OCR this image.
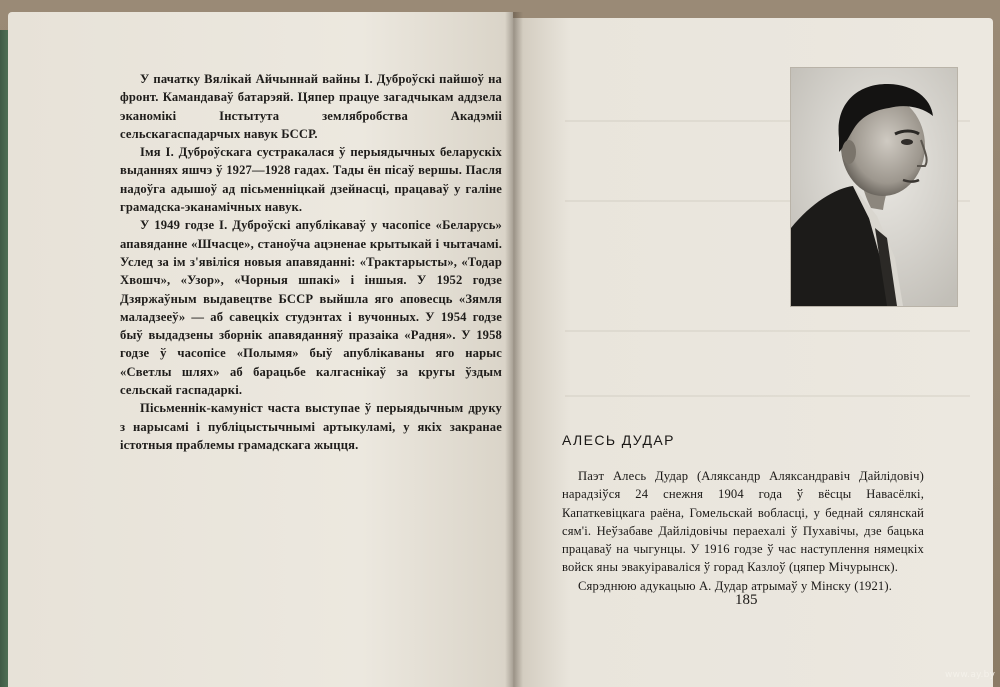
У пачатку Вялікай Айчыннай вайны І. Дуброўскі пайшоў на фронт. Камандаваў батарэяй. Цяпер працуе загадчыкам аддзела эканомікі Інстытута землябробства Акадэміі сельскагаспадарчых навук БССР.

Імя І. Дуброўскага сустракалася ў перыядычных беларускіх выданнях яшчэ ў 1927—1928 гадах. Тады ён пісаў вершы. Пасля надоўга адышоў ад пісьменніцкай дзейнасці, працаваў у галіне грамадска-эканамічных навук.

У 1949 годзе І. Дуброўскі апублікаваў у часопісе «Беларусь» апавяданне «Шчасце», станоўча ацэненае крытыкай і чытачамі. Услед за ім з'явіліся новыя апавяданні: «Трактарысты», «Тодар Хвошч», «Узор», «Чорныя шпакі» і іншыя. У 1952 годзе Дзяржаўным выдавецтве БССР выйшла яго аповесць «Зямля маладзееў» — аб савецкіх студэнтах і вучонных. У 1954 годзе быў выдадзены зборнік апавяданняў празаіка «Радня». У 1958 годзе ў часопісе «Полымя» быў апублікаваны яго нарыс «Светлы шлях» аб барацьбе калгаснікаў за кругы ўздым сельскай гаспадаркі.

Пісьменнік-камуніст часта выступае ў перыядычным друку з нарысамі і публіцыстычнымі артыкуламі, у якіх закранае істотныя праблемы грамадскага жыцця.	АЛЕСЬ ДУДАР

Паэт Алесь Дудар (Аляксандр Аляксандравіч Дайлідовіч) нарадзіўся 24 снежня 1904 года ў вёсцы Навасёлкі, Капаткевіцкага раёна, Гомельскай вобласці, у беднай сялянскай сям'і. Неўзабаве Дайлідовічы пераехалі ў Пухавічы, дзе бацька працаваў на чыгунцы. У 1916 годзе ў час наступлення нямецкіх войск яны эвакуіраваліся ў горад Казлоў (цяпер Мічурынск).

Сярэднюю адукацыю А. Дудар атрымаў у Мінску (1921).

185
www.ay.by
